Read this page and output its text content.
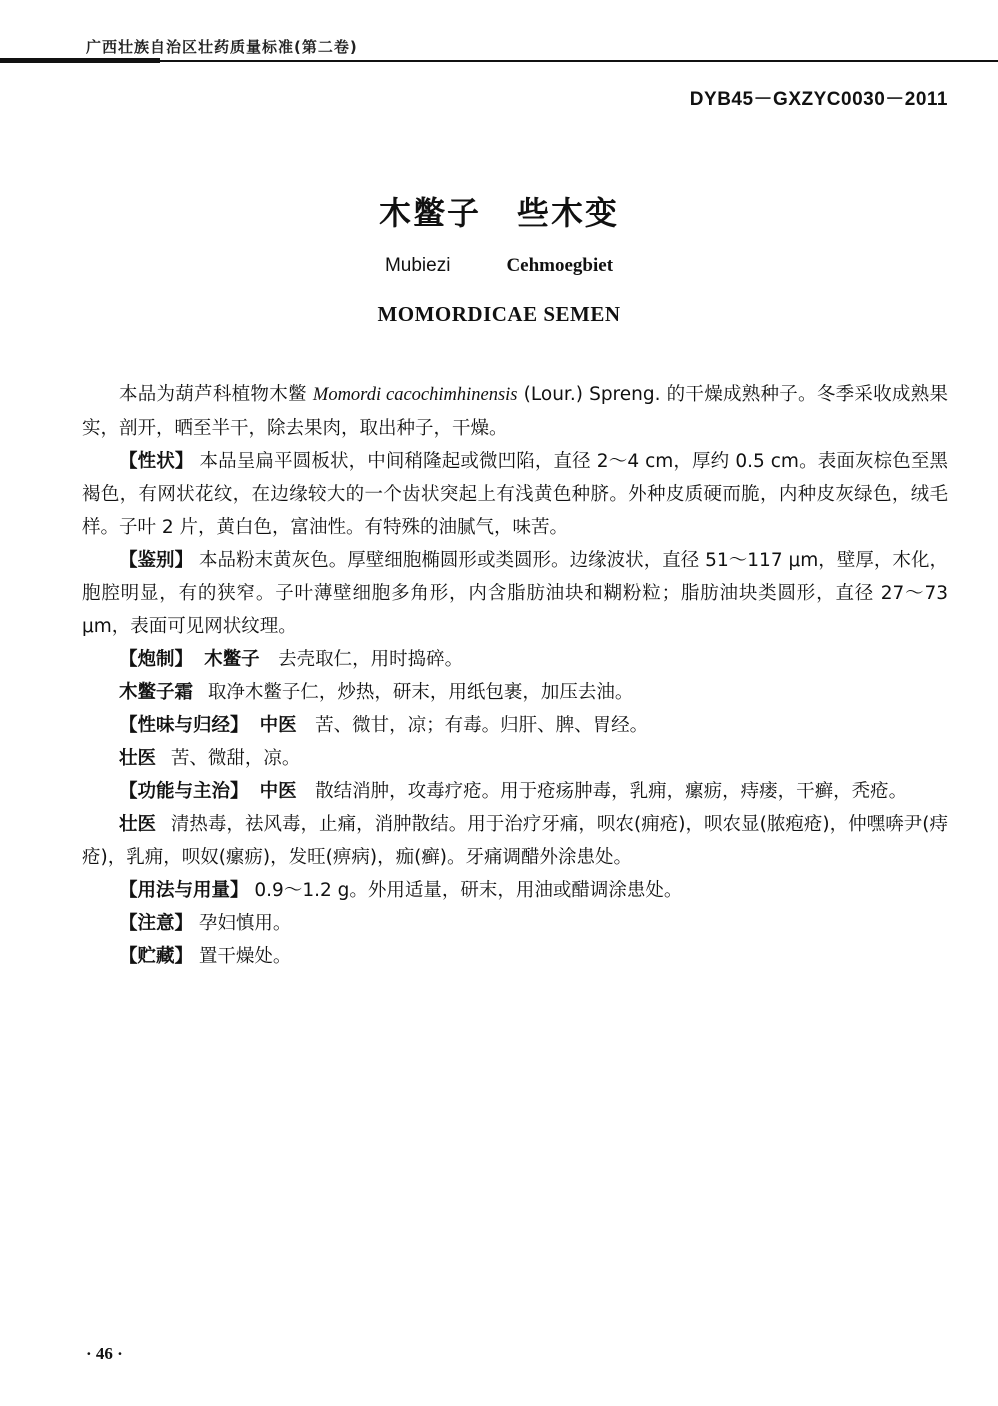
广西壮族自治区壮药质量标准(第二卷)
DYB45－GXZYC0030－2011
木鳖子 些木变
Mubiezi	Cehmoegbiet
MOMORDICAE SEMEN

本品为葫芦科植物木鳖 Momordi cacochimhinensis (Lour.) Spreng. 的干燥成熟种子。冬季采收成熟果实，剖开，晒至半干，除去果肉，取出种子，干燥。

【性状】 本品呈扁平圆板状，中间稍隆起或微凹陷，直径 2～4 cm，厚约 0.5 cm。表面灰棕色至黑褐色，有网状花纹，在边缘较大的一个齿状突起上有浅黄色种脐。外种皮质硬而脆，内种皮灰绿色，绒毛样。子叶 2 片，黄白色，富油性。有特殊的油腻气，味苦。

【鉴别】 本品粉末黄灰色。厚壁细胞椭圆形或类圆形。边缘波状，直径 51～117 μm，壁厚，木化，胞腔明显，有的狭窄。子叶薄壁细胞多角形，内含脂肪油块和糊粉粒；脂肪油块类圆形，直径 27～73 μm，表面可见网状纹理。

【炮制】 木鳖子 去壳取仁，用时捣碎。

木鳖子霜 取净木鳖子仁，炒热，研末，用纸包裹，加压去油。

【性味与归经】 中医 苦、微甘，凉；有毒。归肝、脾、胃经。

壮医 苦、微甜，凉。

【功能与主治】 中医 散结消肿，攻毒疗疮。用于疮疡肿毒，乳痈，瘰疬，痔瘘，干癣，秃疮。

壮医 清热毒，祛风毒，止痛，消肿散结。用于治疗牙痛，呗农(痈疮)，呗农显(脓疱疮)，仲嘿喯尹(痔疮)，乳痈，呗奴(瘰疬)，发旺(痹病)，痂(癣)。牙痛调醋外涂患处。

【用法与用量】 0.9～1.2 g。外用适量，研末，用油或醋调涂患处。

【注意】 孕妇慎用。

【贮藏】 置干燥处。

· 46 ·
